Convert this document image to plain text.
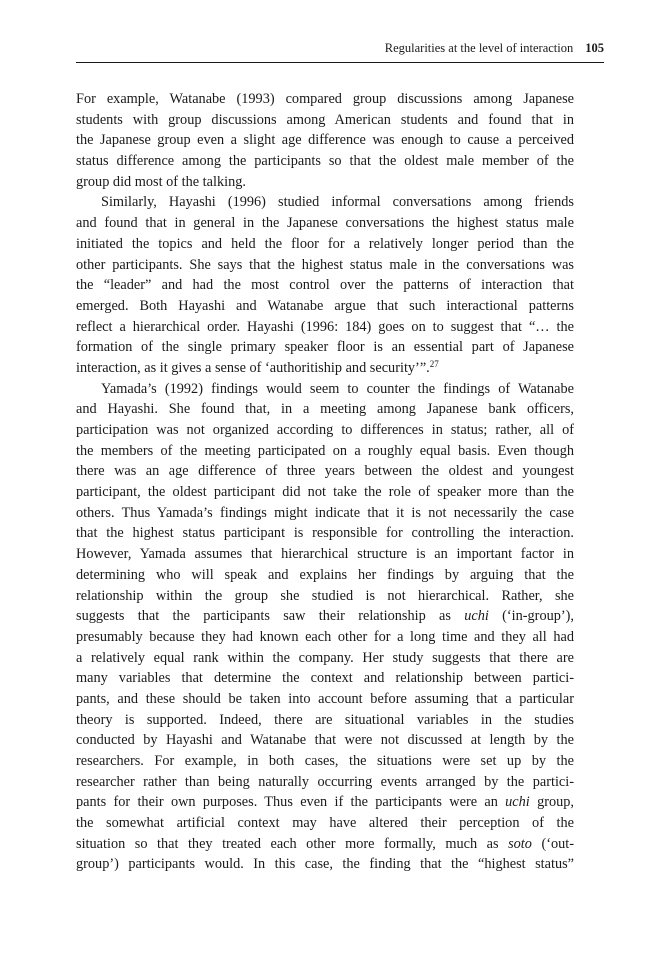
Regularities at the level of interaction 105
For example, Watanabe (1993) compared group discussions among Japanese
students with group discussions among American students and found that in
the Japanese group even a slight age difference was enough to cause a perceived
status difference among the participants so that the oldest male member of the
group did most of the talking.
Similarly, Hayashi (1996) studied informal conversations among friends
and found that in general in the Japanese conversations the highest status male
initiated the topics and held the floor for a relatively longer period than the
other participants. She says that the highest status male in the conversations was
the “leader” and had the most control over the patterns of interaction that
emerged. Both Hayashi and Watanabe argue that such interactional patterns
reflect a hierarchical order. Hayashi (1996: 184) goes on to suggest that “… the
formation of the single primary speaker floor is an essential part of Japanese
interaction, as it gives a sense of ‘authoritiship and security’”.$^{27}$
Yamada’s (1992) findings would seem to counter the findings of Watanabe
and Hayashi. She found that, in a meeting among Japanese bank officers,
participation was not organized according to differences in status; rather, all of
the members of the meeting participated on a roughly equal basis. Even though
there was an age difference of three years between the oldest and youngest
participant, the oldest participant did not take the role of speaker more than the
others. Thus Yamada’s findings might indicate that it is not necessarily the case
that the highest status participant is responsible for controlling the interaction.
However, Yamada assumes that hierarchical structure is an important factor in
determining who will speak and explains her findings by arguing that the
relationship within the group she studied is not hierarchical. Rather, she
suggests that the participants saw their relationship as uchi (‘in-group’),
presumably because they had known each other for a long time and they all had
a relatively equal rank within the company. Her study suggests that there are
many variables that determine the context and relationship between partici-
pants, and these should be taken into account before assuming that a particular
theory is supported. Indeed, there are situational variables in the studies
conducted by Hayashi and Watanabe that were not discussed at length by the
researchers. For example, in both cases, the situations were set up by the
researcher rather than being naturally occurring events arranged by the partici-
pants for their own purposes. Thus even if the participants were an uchi group,
the somewhat artificial context may have altered their perception of the
situation so that they treated each other more formally, much as soto (‘out-
group’) participants would. In this case, the finding that the “highest status”
